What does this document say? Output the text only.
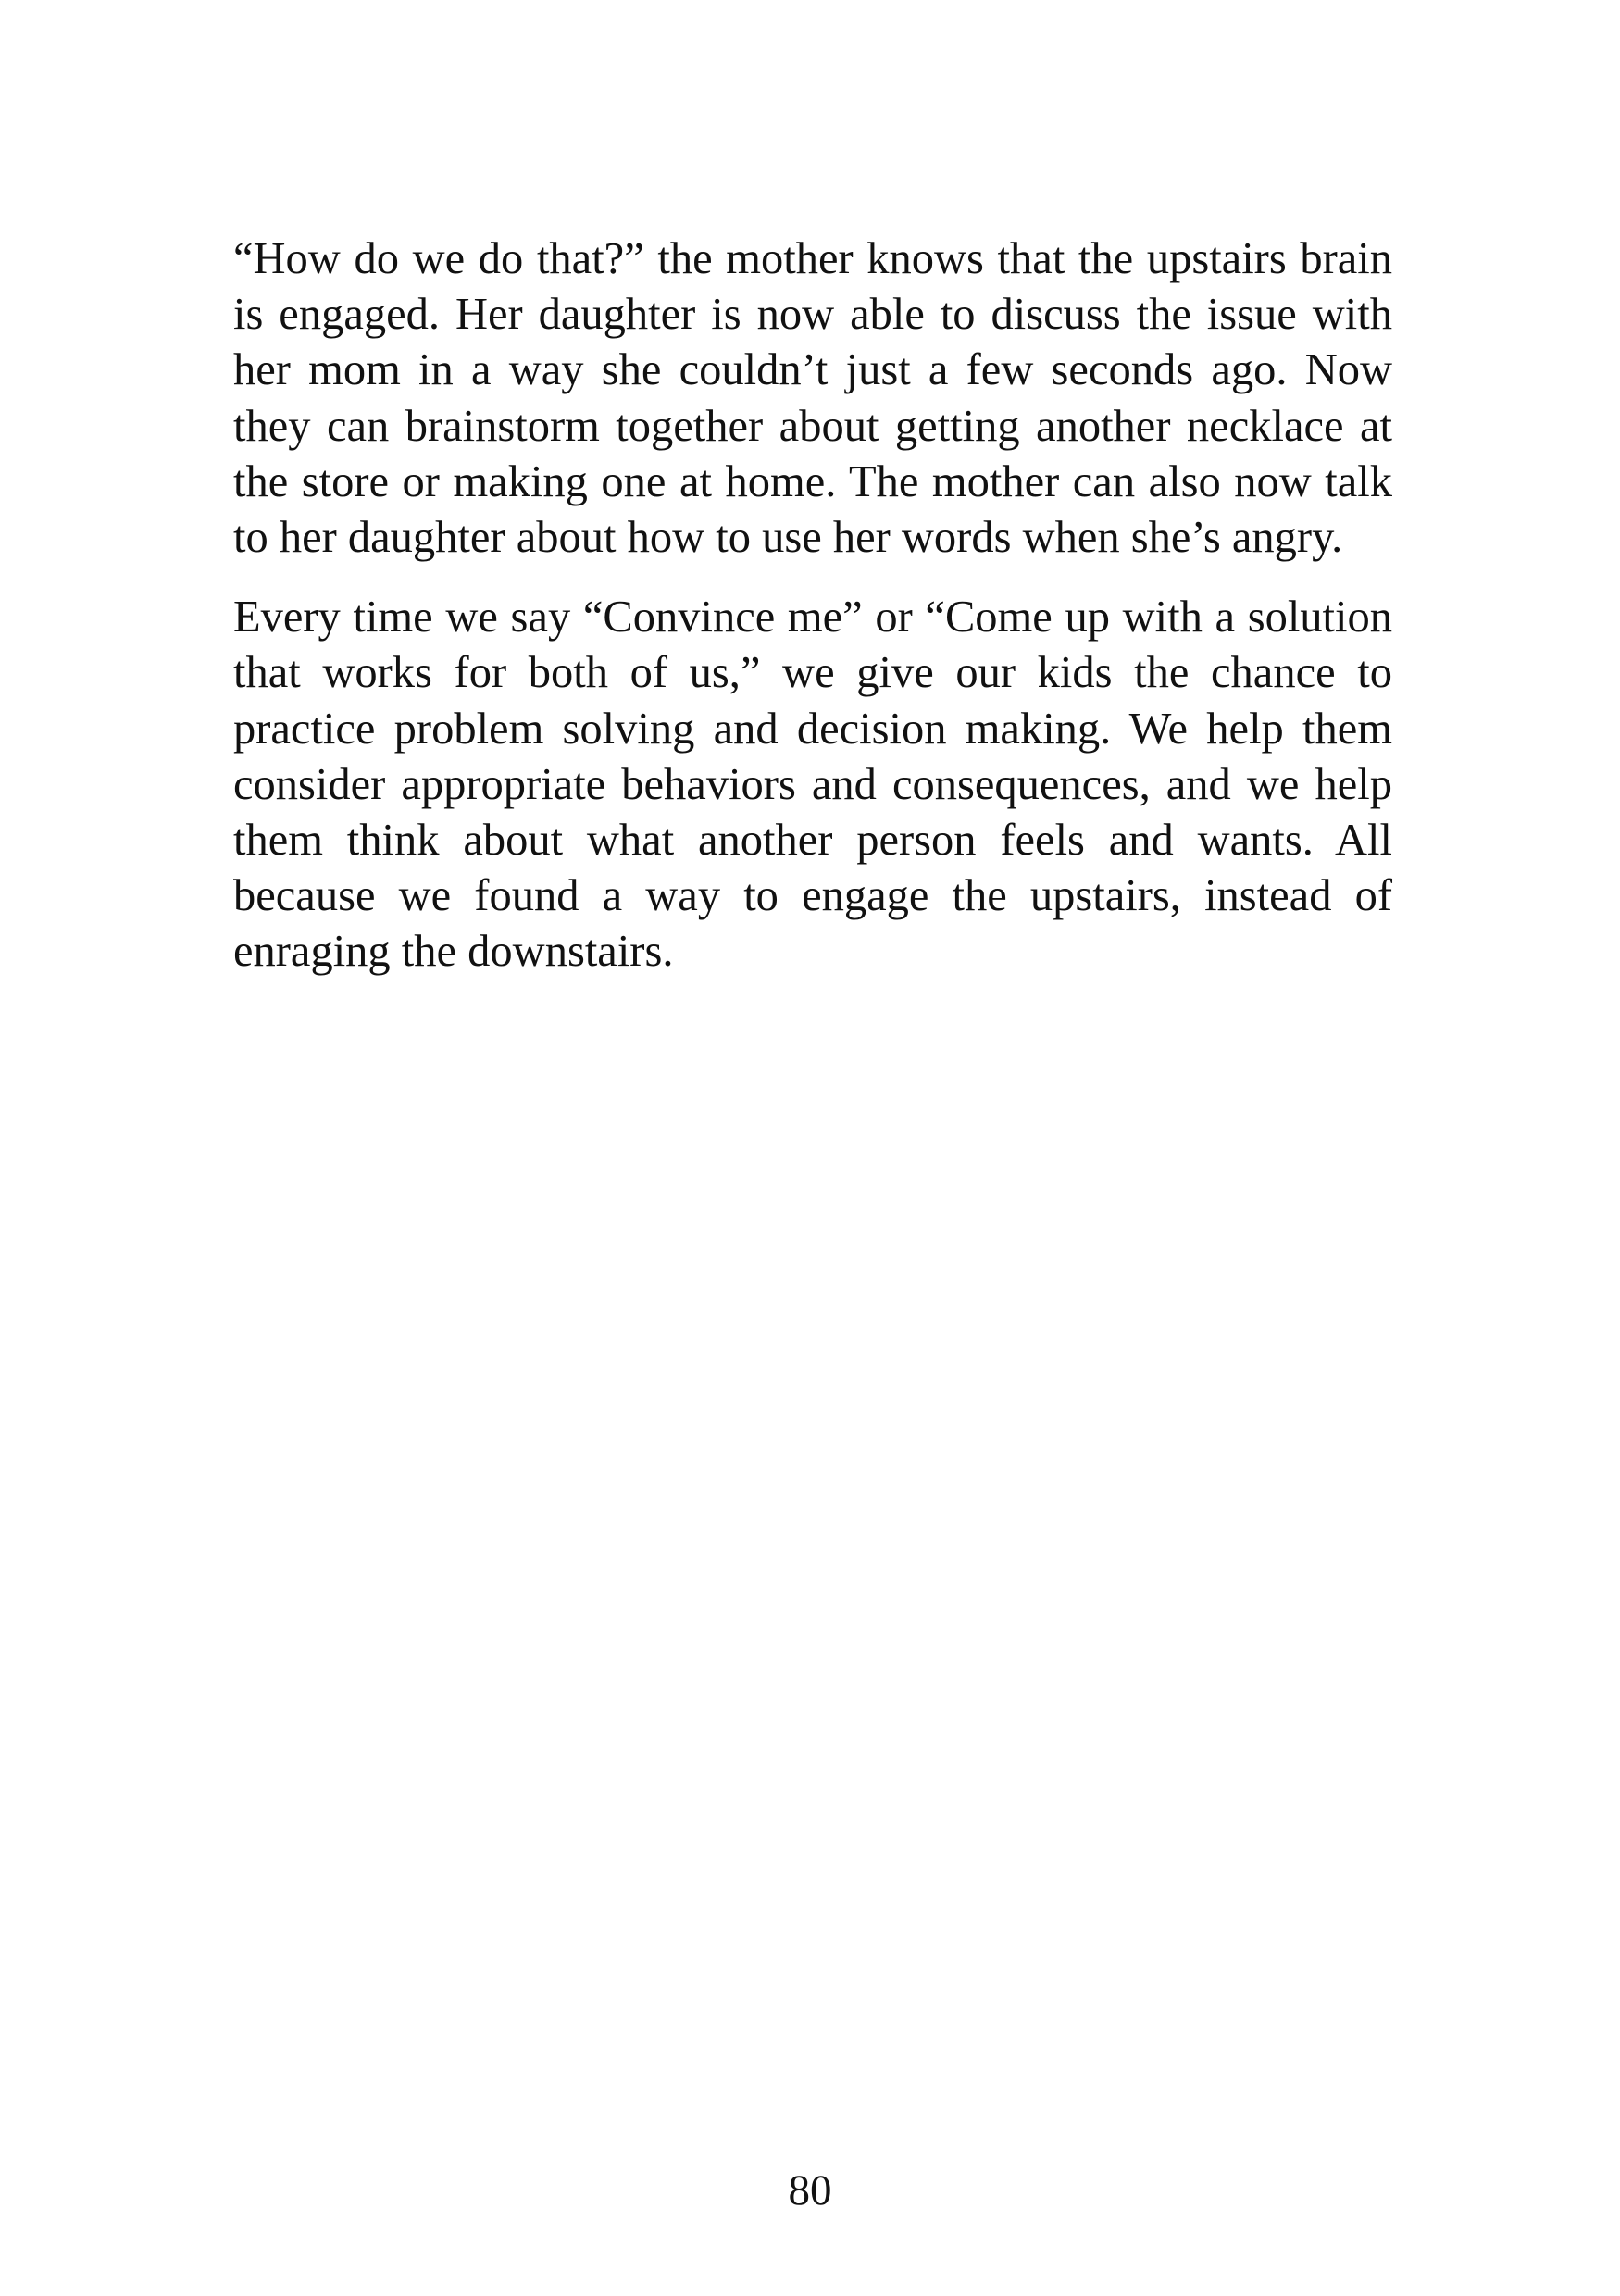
“How do we do that?” the mother knows that the upstairs brain is engaged. Her daughter is now able to discuss the issue with her mom in a way she couldn’t just a few seconds ago. Now they can brainstorm together about getting another necklace at the store or making one at home. The mother can also now talk to her daughter about how to use her words when she’s angry.

Every time we say “Convince me” or “Come up with a solution that works for both of us,” we give our kids the chance to practice problem solving and decision making. We help them consider appropriate behaviors and consequences, and we help them think about what another person feels and wants. All because we found a way to engage the upstairs, instead of enraging the downstairs.

80
